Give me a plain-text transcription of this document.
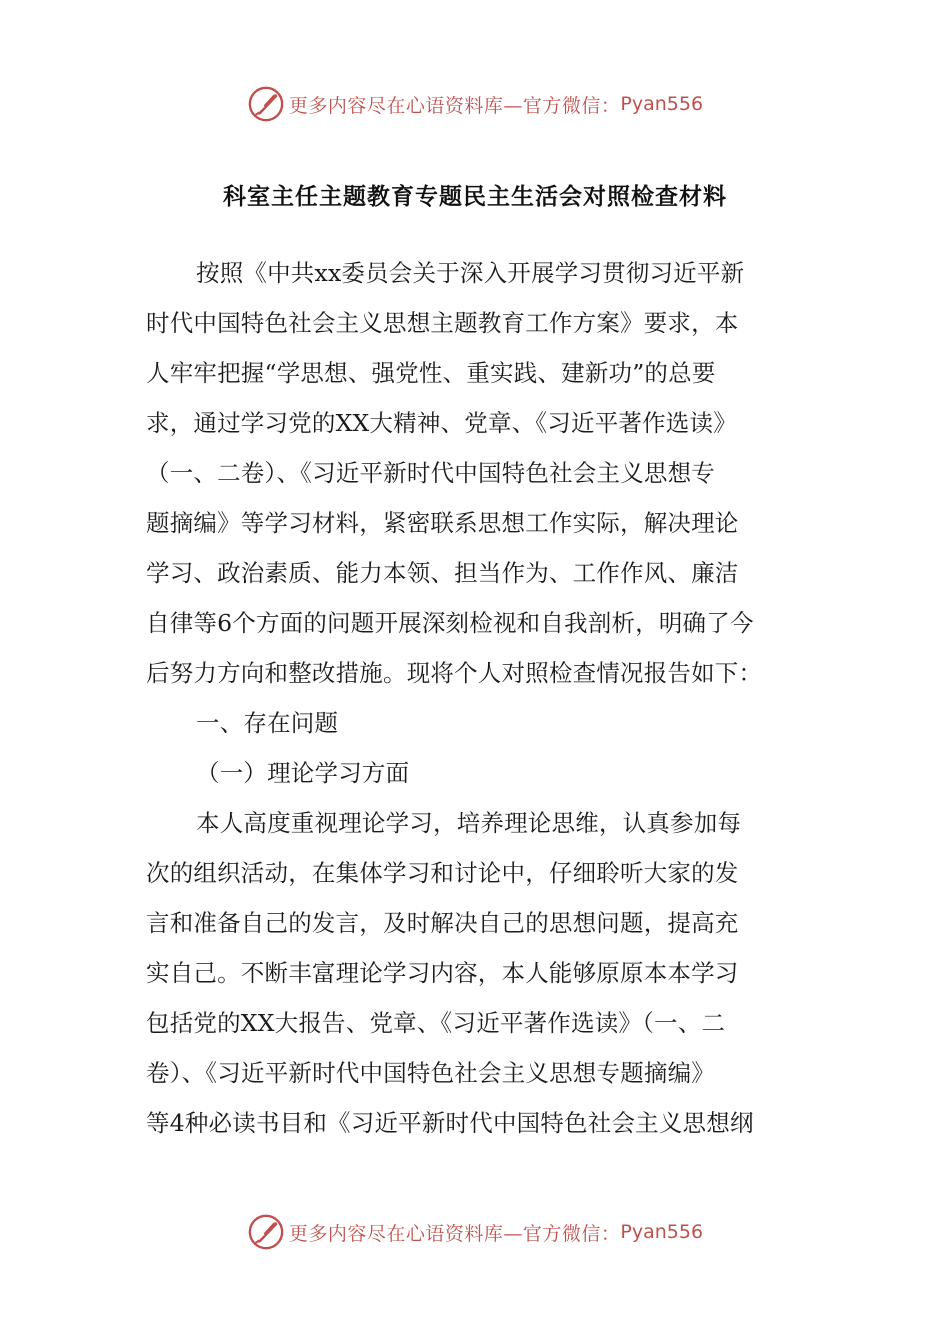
更多内容尽在心语资料库—官方微信： Pyan556
科室主任主题教育专题民主生活会对照检查材料
按照《中共xx委员会关于深入开展学习贯彻习近平新
时代中国特色社会主义思想主题教育工作方案》要求，本
人牢牢把握“学思想、强党性、重实践、建新功”的总要
求，通过学习党的XX大精神、党章、《习近平著作选读》
（一、二卷）、《习近平新时代中国特色社会主义思想专
题摘编》等学习材料，紧密联系思想工作实际，解决理论
学习、政治素质、能力本领、担当作为、工作作风、廉洁
自律等6个方面的问题开展深刻检视和自我剖析，明确了今
后努力方向和整改措施。现将个人对照检查情况报告如下：
一、存在问题
（一）理论学习方面
本人高度重视理论学习，培养理论思维，认真参加每
次的组织活动，在集体学习和讨论中，仔细聆听大家的发
言和准备自己的发言，及时解决自己的思想问题，提高充
实自己。不断丰富理论学习内容，本人能够原原本本学习
包括党的XX大报告、党章、《习近平著作选读》（一、二
卷）、《习近平新时代中国特色社会主义思想专题摘编》
等4种必读书目和《习近平新时代中国特色社会主义思想纲
更多内容尽在心语资料库—官方微信： Pyan556
